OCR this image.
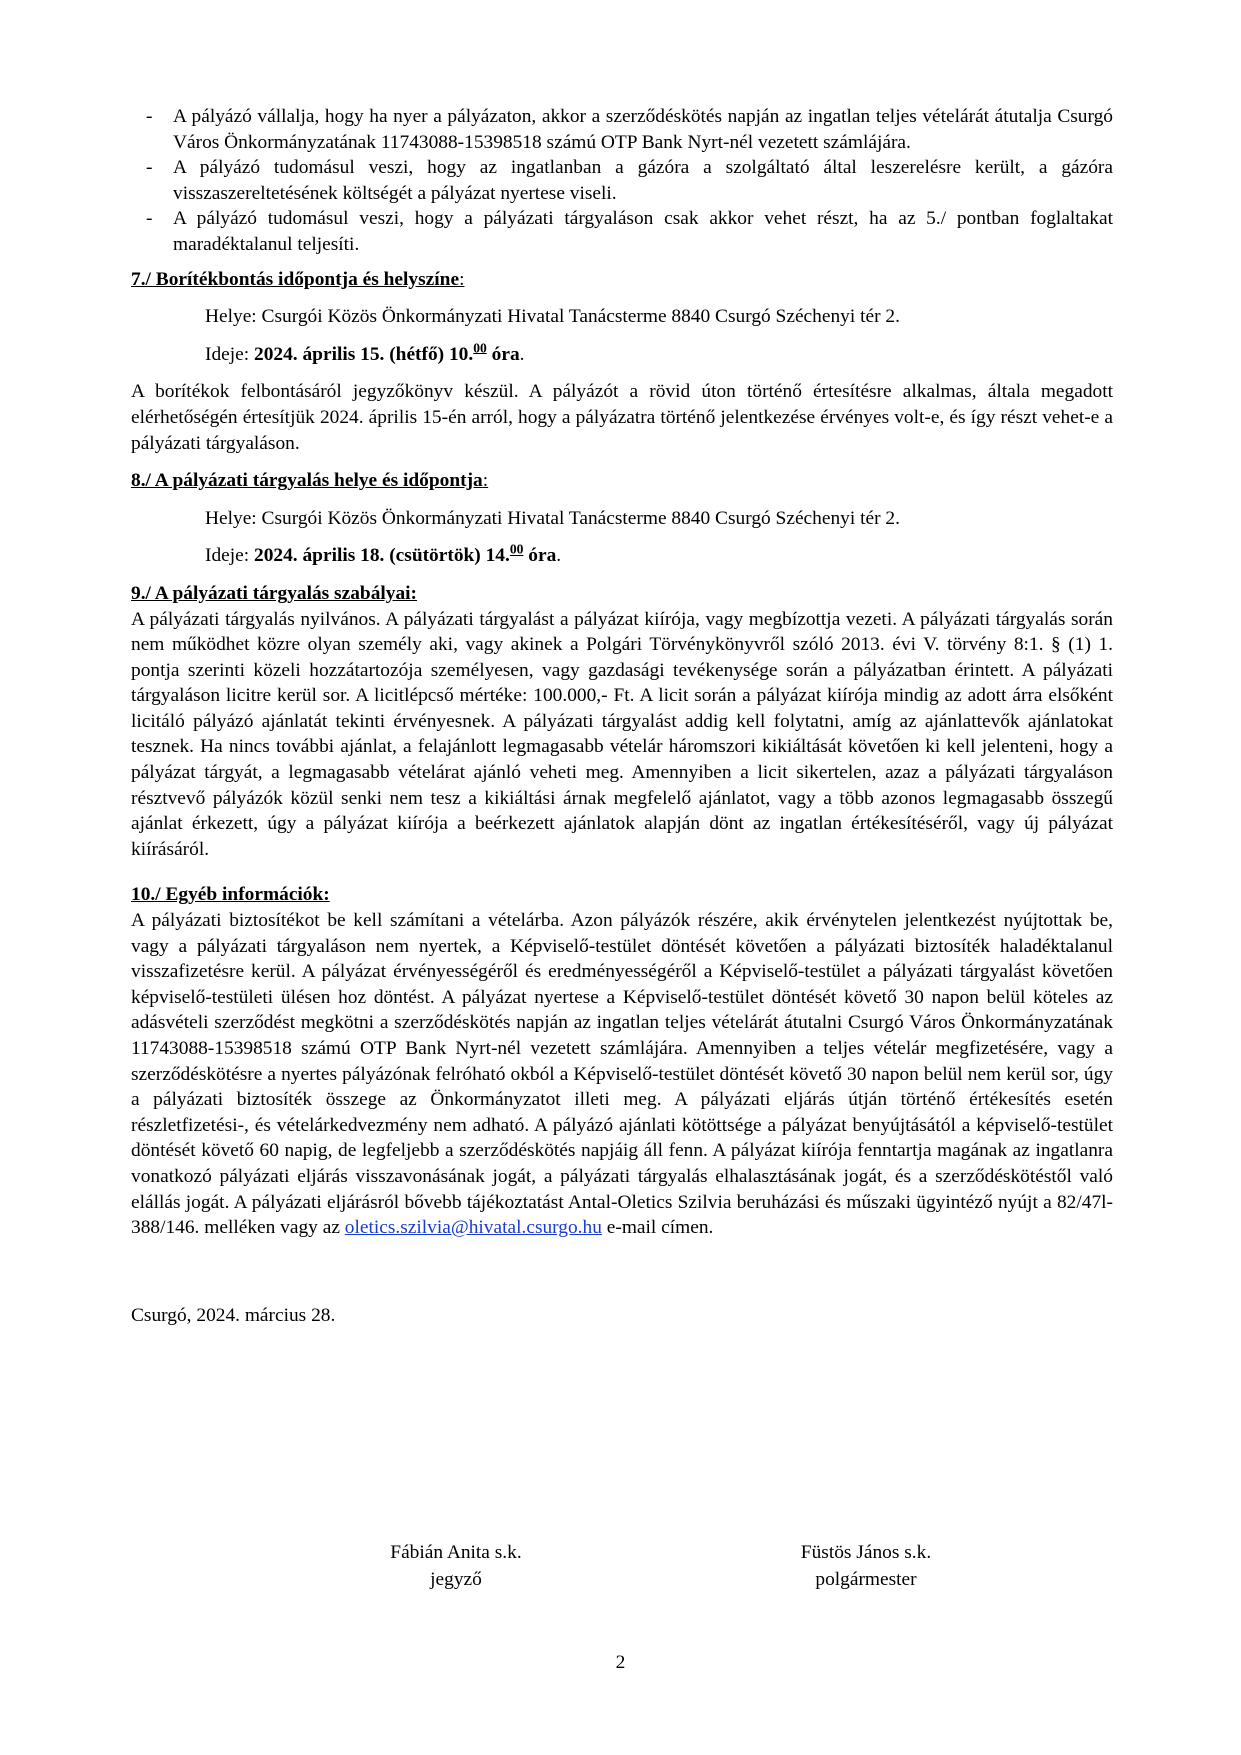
- A pályázó vállalja, hogy ha nyer a pályázaton, akkor a szerződéskötés napján az ingatlan teljes vételárát átutalja Csurgó Város Önkormányzatának 11743088-15398518 számú OTP Bank Nyrt-nél vezetett számlájára.
- A pályázó tudomásul veszi, hogy az ingatlanban a gázóra a szolgáltató által leszerelésre került, a gázóra visszaszereltetésének költségét a pályázat nyertese viseli.
- A pályázó tudomásul veszi, hogy a pályázati tárgyaláson csak akkor vehet részt, ha az 5./ pontban foglaltakat maradéktalanul teljesíti.

7./ Borítékbontás időpontja és helyszíne:

Helye: Csurgói Közös Önkormányzati Hivatal Tanácsterme 8840 Csurgó Széchenyi tér 2.

Ideje: 2024. április 15. (hétfő) 10.00 óra.

A borítékok felbontásáról jegyzőkönyv készül. A pályázót a rövid úton történő értesítésre alkalmas, általa megadott elérhetőségén értesítjük 2024. április 15-én arról, hogy a pályázatra történő jelentkezése érvényes volt-e, és így részt vehet-e a pályázati tárgyaláson.

8./ A pályázati tárgyalás helye és időpontja:

Helye: Csurgói Közös Önkormányzati Hivatal Tanácsterme 8840 Csurgó Széchenyi tér 2.

Ideje: 2024. április 18. (csütörtök) 14.00 óra.

9./ A pályázati tárgyalás szabályai:

A pályázati tárgyalás nyilvános. A pályázati tárgyalást a pályázat kiírója, vagy megbízottja vezeti. A pályázati tárgyalás során nem működhet közre olyan személy aki, vagy akinek a Polgári Törvénykönyvről szóló 2013. évi V. törvény 8:1. § (1) 1. pontja szerinti közeli hozzátartozója személyesen, vagy gazdasági tevékenysége során a pályázatban érintett. A pályázati tárgyaláson licitre kerül sor. A licitlépcső mértéke: 100.000,- Ft. A licit során a pályázat kiírója mindig az adott árra elsőként licitáló pályázó ajánlatát tekinti érvényesnek. A pályázati tárgyalást addig kell folytatni, amíg az ajánlattevők ajánlatokat tesznek. Ha nincs további ajánlat, a felajánlott legmagasabb vételár háromszori kikiáltását követően ki kell jelenteni, hogy a pályázat tárgyát, a legmagasabb vételárat ajánló veheti meg. Amennyiben a licit sikertelen, azaz a pályázati tárgyaláson résztvevő pályázók közül senki nem tesz a kikiáltási árnak megfelelő ajánlatot, vagy a több azonos legmagasabb összegű ajánlat érkezett, úgy a pályázat kiírója a beérkezett ajánlatok alapján dönt az ingatlan értékesítéséről, vagy új pályázat kiírásáról.

10./ Egyéb információk:

A pályázati biztosítékot be kell számítani a vételárba. Azon pályázók részére, akik érvénytelen jelentkezést nyújtottak be, vagy a pályázati tárgyaláson nem nyertek, a Képviselő-testület döntését követően a pályázati biztosíték haladéktalanul visszafizetésre kerül. A pályázat érvényességéről és eredményességéről a Képviselő-testület a pályázati tárgyalást követően képviselő-testületi ülésen hoz döntést. A pályázat nyertese a Képviselő-testület döntését követő 30 napon belül köteles az adásvételi szerződést megkötni a szerződéskötés napján az ingatlan teljes vételárát átutalni Csurgó Város Önkormányzatának 11743088-15398518 számú OTP Bank Nyrt-nél vezetett számlájára. Amennyiben a teljes vételár megfizetésére, vagy a szerződéskötésre a nyertes pályázónak felróható okból a Képviselő-testület döntését követő 30 napon belül nem kerül sor, úgy a pályázati biztosíték összege az Önkormányzatot illeti meg. A pályázati eljárás útján történő értékesítés esetén részletfizetési-, és vételárkedvezmény nem adható. A pályázó ajánlati kötöttsége a pályázat benyújtásától a képviselő-testület döntését követő 60 napig, de legfeljebb a szerződéskötés napjáig áll fenn. A pályázat kiírója fenntartja magának az ingatlanra vonatkozó pályázati eljárás visszavonásának jogát, a pályázati tárgyalás elhalasztásának jogát, és a szerződéskötéstől való elállás jogát. A pályázati eljárásról bővebb tájékoztatást Antal-Oletics Szilvia beruházási és műszaki ügyintéző nyújt a 82/47l-388/146. melléken vagy az oletics.szilvia@hivatal.csurgo.hu e-mail címen.

Csurgó, 2024. március 28.

Fábián Anita s.k.
jegyző
Füstös János s.k.
polgármester
2
